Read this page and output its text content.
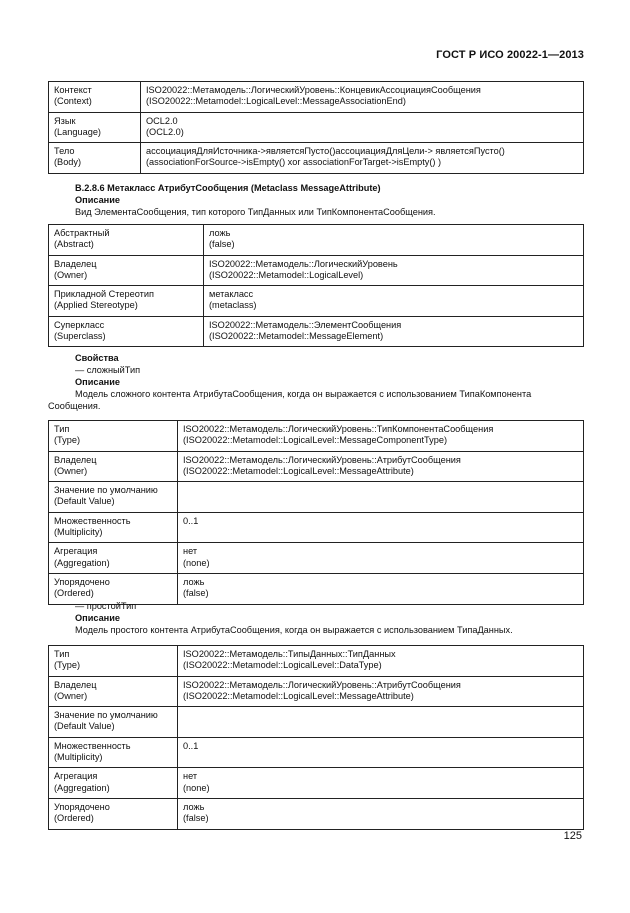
ГОСТ Р ИСО 20022-1—2013
Контекст
(Context)	ISO20022::Метамодель::ЛогическийУровень::КонцевикАссоциацияСообщения
(ISO20022::Metamodel::LogicalLevel::MessageAssociationEnd)

Язык
(Language)	OCL2.0
(OCL2.0)

Тело
(Body)	ассоциацияДляИсточника->являетсяПусто()ассоциацияДляЦели-> являетсяПусто()
(associationForSource->isEmpty() xor associationForTarget->isEmpty() )
В.2.8.6 Метакласс АтрибутСообщения (Metaclass MessageAttribute)
Описание
Вид ЭлементаСообщения, тип которого ТипДанных или ТипКомпонентаСообщения.
Абстрактный
(Abstract)	ложь
(false)

Владелец
(Owner)	ISO20022::Метамодель::ЛогическийУровень
(ISO20022::Metamodel::LogicalLevel)

Прикладной Стереотип
(Applied Stereotype)	метакласс
(metaclass)

Суперкласс
(Superclass)	ISO20022::Метамодель::ЭлементСообщения
(ISO20022::Metamodel::MessageElement)
Свойства
— сложныйТип
Описание
Модель сложного контента АтрибутаСообщения, когда он выражается с использованием ТипаКомпонента
Сообщения.
Тип
(Type)	ISO20022::Метамодель::ЛогическийУровень::ТипКомпонентаСообщения
(ISO20022::Metamodel::LogicalLevel::MessageComponentType)

Владелец
(Owner)	ISO20022::Метамодель::ЛогическийУровень::АтрибутСообщения
(ISO20022::Metamodel::LogicalLevel::MessageAttribute)

Значение по умолчанию
(Default Value)	

Множественность
(Multiplicity)	0..1

Агрегация
(Aggregation)	нет
(none)

Упорядочено
(Ordered)	ложь
(false)
— простойТип
Описание
Модель простого контента АтрибутаСообщения, когда он выражается с использованием ТипаДанных.
Тип
(Type)	ISO20022::Метамодель::ТипыДанных::ТипДанных
(ISO20022::Metamodel::LogicalLevel::DataType)

Владелец
(Owner)	ISO20022::Метамодель::ЛогическийУровень::АтрибутСообщения
(ISO20022::Metamodel::LogicalLevel::MessageAttribute)

Значение по умолчанию
(Default Value)	

Множественность
(Multiplicity)	0..1

Агрегация
(Aggregation)	нет
(none)

Упорядочено
(Ordered)	ложь
(false)
125
